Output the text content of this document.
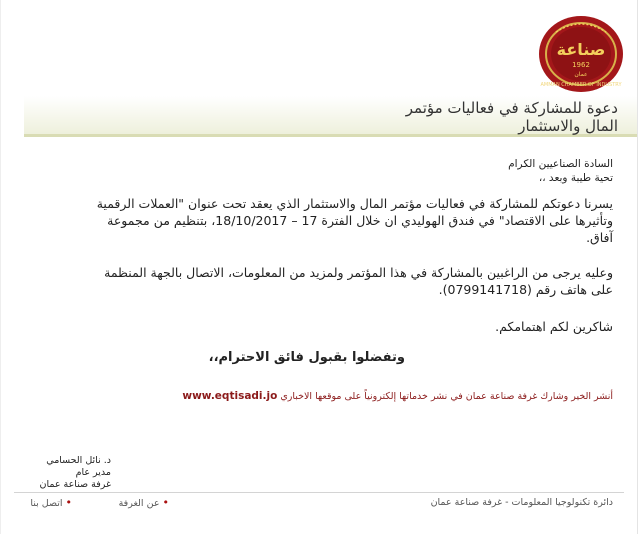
AMMAN CHAMBER OF INDUSTRY
صناعة
1962
عمان
دعوة للمشاركة في فعاليات مؤتمر
المال والاستثمار
السادة الصناعيين الكرام
تحية طيبة وبعد ،،
يسرنا دعوتكم للمشاركة في فعاليات مؤتمر المال والاستثمار الذي يعقد تحت عنوان "العملات الرقمية
وتأثيرها على الاقتصاد" في فندق الهوليدي ان خلال الفترة 17 – 18/10/2017، بتنظيم من مجموعة
آفاق.
وعليه يرجى من الراغبين بالمشاركة في هذا المؤتمر ولمزيد من المعلومات، الاتصال بالجهة المنظمة
على هاتف رقم (0799141718).
شاكرين لكم اهتمامكم.
وتفضلوا بقبول فائق الاحترام،،
أنشر الخير وشارك غرفة صناعة عمان في نشر خدماتها إلكترونياً على موقعها الاخباري www.eqtisadi.jo
د. نائل الحسامي
مدير عام
غرفة صناعة عمان
دائرة تكنولوجيا المعلومات - غرفة صناعة عمان
•عن الغرفة
•اتصل بنا
